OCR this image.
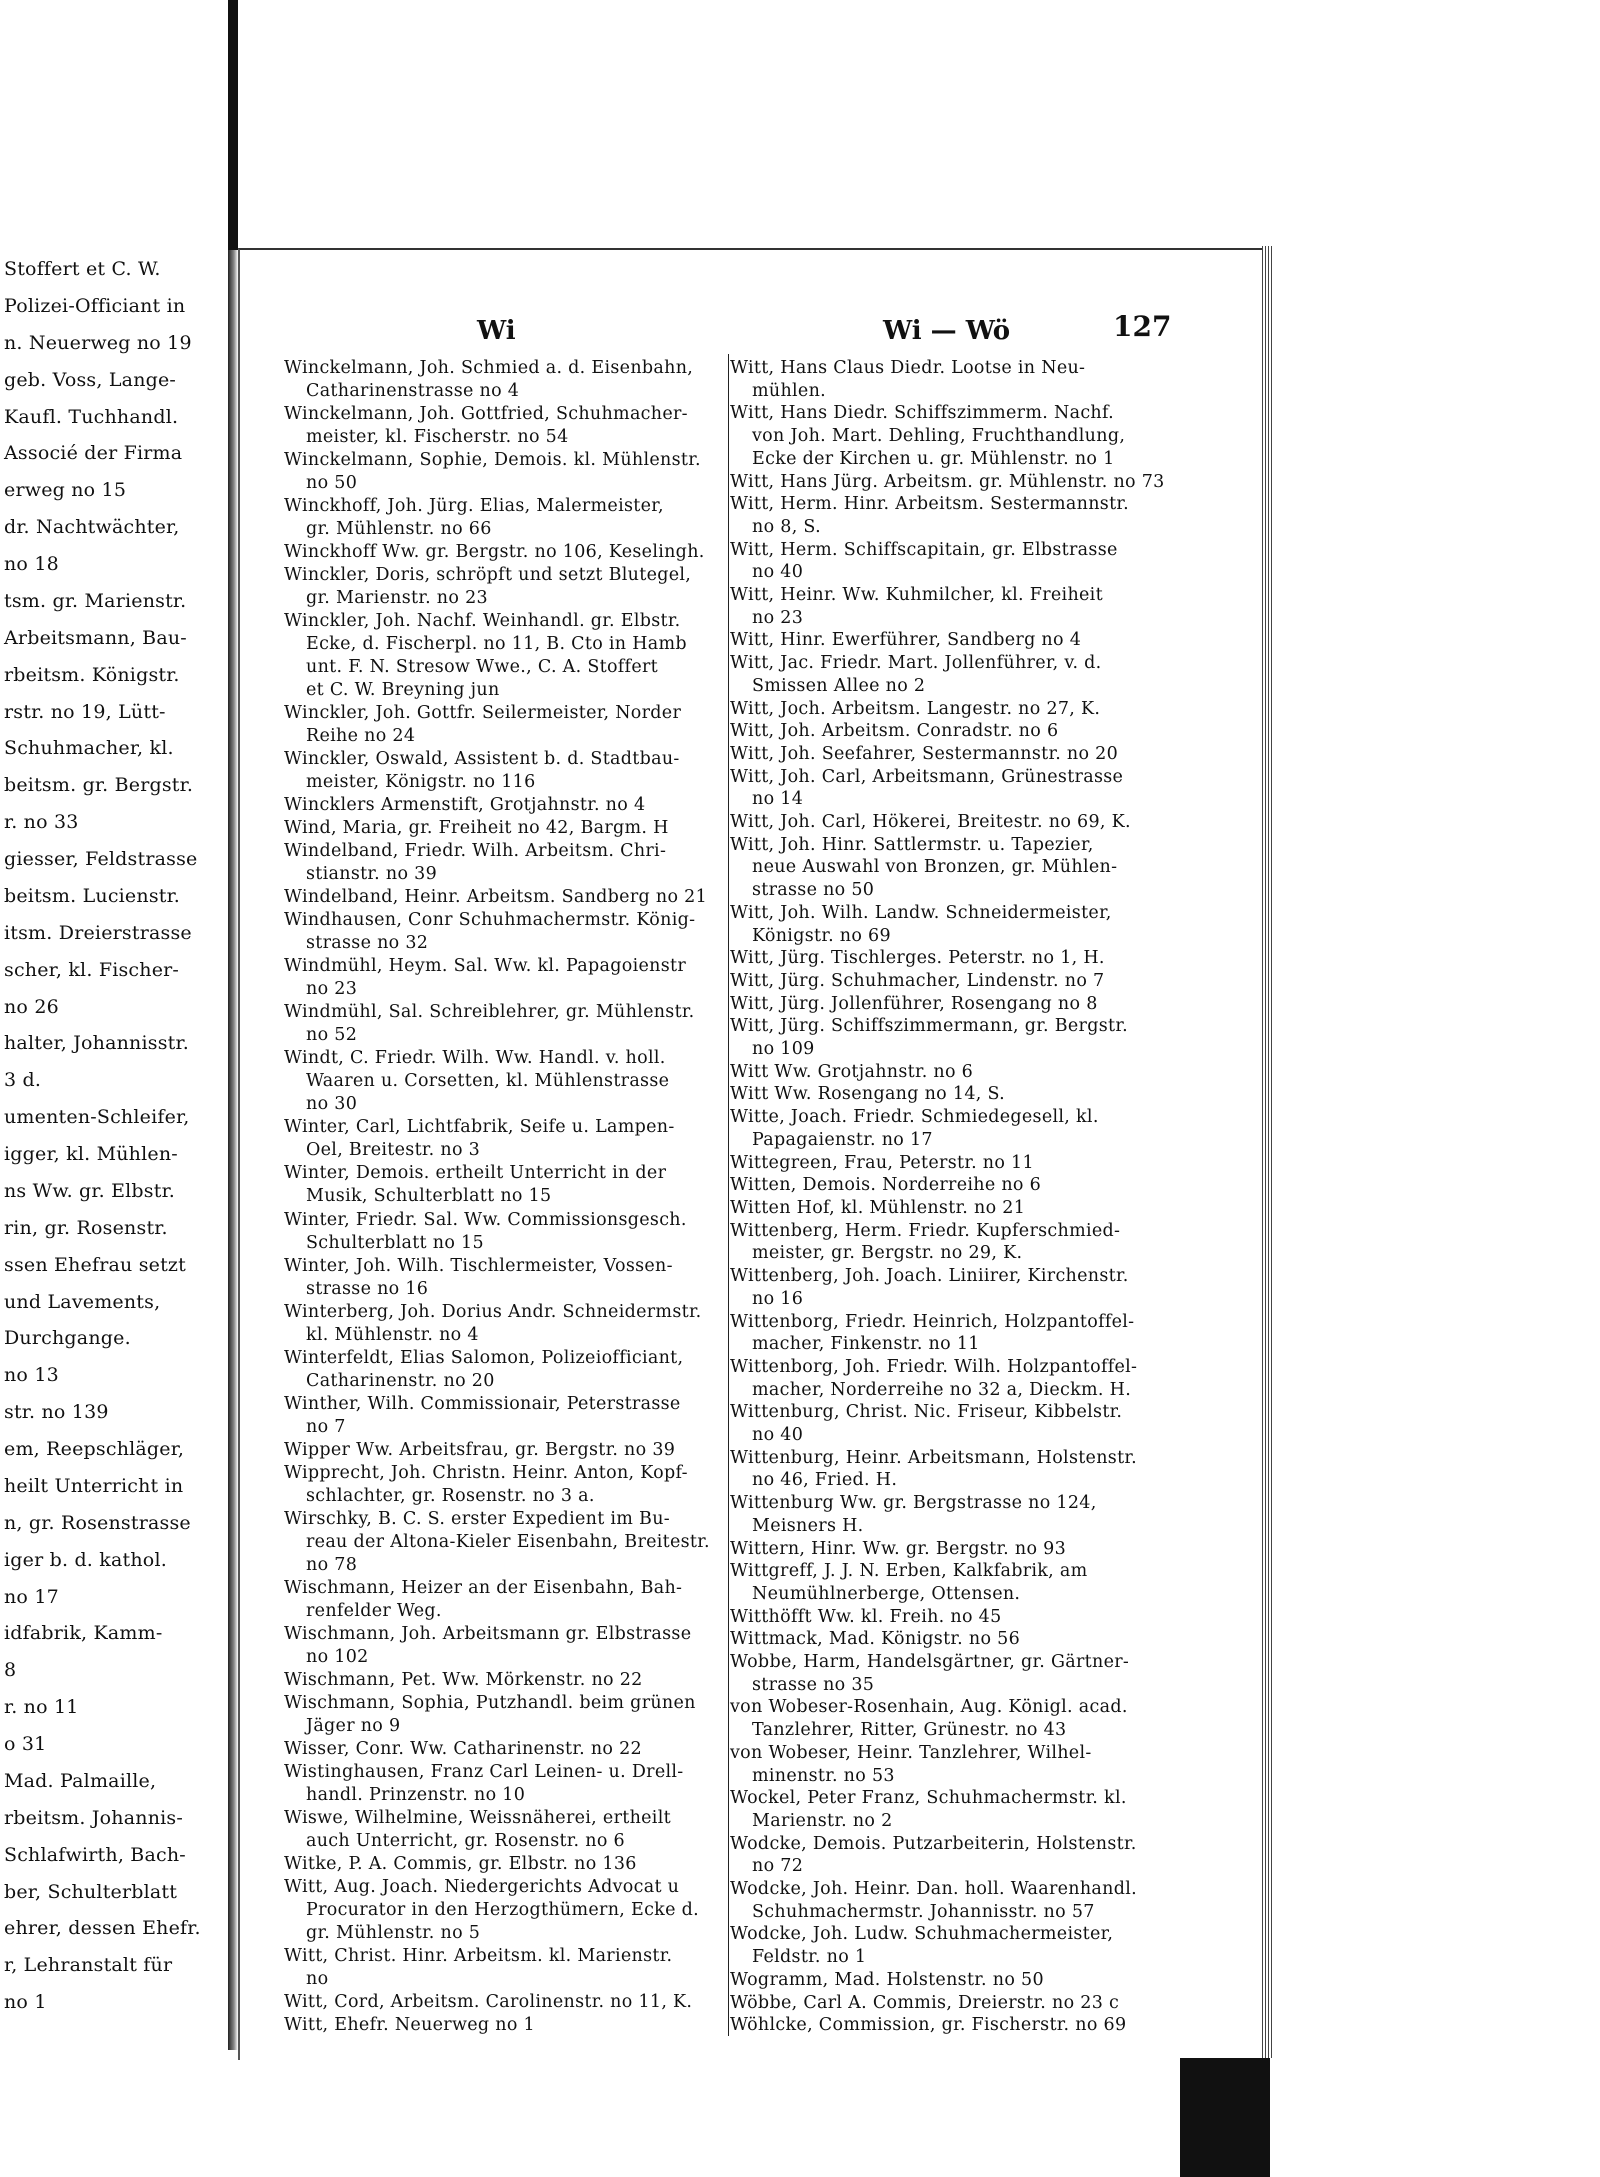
Stoffert et C. W.
Polizei-Officiant in
n. Neuerweg no 19
geb. Voss, Lange-
Kaufl. Tuchhandl.
Associé der Firma
erweg no 15
dr. Nachtwächter,
no 18
tsm. gr. Marienstr.
Arbeitsmann, Bau-
rbeitsm. Königstr.
rstr. no 19, Lütt-
Schuhmacher, kl.
beitsm. gr. Bergstr.
r. no 33
giesser, Feldstrasse
beitsm. Lucienstr.
itsm. Dreierstrasse
scher, kl. Fischer-
no 26
halter, Johannisstr.
3 d.
umenten-Schleifer,
igger, kl. Mühlen-
ns Ww. gr. Elbstr.
rin, gr. Rosenstr.
ssen Ehefrau setzt
und Lavements,
Durchgange.
no 13
str. no 139
em, Reepschläger,
heilt Unterricht in
n, gr. Rosenstrasse
iger b. d. kathol.
no 17
idfabrik, Kamm-
8
r. no 11
o 31
Mad. Palmaille,
rbeitsm. Johannis-
Schlafwirth, Bach-
ber, Schulterblatt
ehrer, dessen Ehefr.
r, Lehranstalt für
no 1
Wi	Wi — Wö	127
Winckelmann, Joh. Schmied a. d. Eisenbahn,
Catharinenstrasse no 4
Winckelmann, Joh. Gottfried, Schuhmacher-
meister, kl. Fischerstr. no 54
Winckelmann, Sophie, Demois. kl. Mühlenstr.
no 50
Winckhoff, Joh. Jürg. Elias, Malermeister,
gr. Mühlenstr. no 66
Winckhoff Ww. gr. Bergstr. no 106, Keselingh.
Winckler, Doris, schröpft und setzt Blutegel,
gr. Marienstr. no 23
Winckler, Joh. Nachf. Weinhandl. gr. Elbstr.
Ecke, d. Fischerpl. no 11, B. Cto in Hamb
unt. F. N. Stresow Wwe., C. A. Stoffert
et C. W. Breyning jun
Winckler, Joh. Gottfr. Seilermeister, Norder
Reihe no 24
Winckler, Oswald, Assistent b. d. Stadtbau-
meister, Königstr. no 116
Wincklers Armenstift, Grotjahnstr. no 4
Wind, Maria, gr. Freiheit no 42, Bargm. H
Windelband, Friedr. Wilh. Arbeitsm. Chri-
stianstr. no 39
Windelband, Heinr. Arbeitsm. Sandberg no 21
Windhausen, Conr Schuhmachermstr. König-
strasse no 32
Windmühl, Heym. Sal. Ww. kl. Papagoienstr
no 23
Windmühl, Sal. Schreiblehrer, gr. Mühlenstr.
no 52
Windt, C. Friedr. Wilh. Ww. Handl. v. holl.
Waaren u. Corsetten, kl. Mühlenstrasse
no 30
Winter, Carl, Lichtfabrik, Seife u. Lampen-
Oel, Breitestr. no 3
Winter, Demois. ertheilt Unterricht in der
Musik, Schulterblatt no 15
Winter, Friedr. Sal. Ww. Commissionsgesch.
Schulterblatt no 15
Winter, Joh. Wilh. Tischlermeister, Vossen-
strasse no 16
Winterberg, Joh. Dorius Andr. Schneidermstr.
kl. Mühlenstr. no 4
Winterfeldt, Elias Salomon, Polizeiofficiant,
Catharinenstr. no 20
Winther, Wilh. Commissionair, Peterstrasse
no 7
Wipper Ww. Arbeitsfrau, gr. Bergstr. no 39
Wipprecht, Joh. Christn. Heinr. Anton, Kopf-
schlachter, gr. Rosenstr. no 3 a.
Wirschky, B. C. S. erster Expedient im Bu-
reau der Altona-Kieler Eisenbahn, Breitestr.
no 78
Wischmann, Heizer an der Eisenbahn, Bah-
renfelder Weg.
Wischmann, Joh. Arbeitsmann gr. Elbstrasse
no 102
Wischmann, Pet. Ww. Mörkenstr. no 22
Wischmann, Sophia, Putzhandl. beim grünen
Jäger no 9
Wisser, Conr. Ww. Catharinenstr. no 22
Wistinghausen, Franz Carl Leinen- u. Drell-
handl. Prinzenstr. no 10
Wiswe, Wilhelmine, Weissnäherei, ertheilt
auch Unterricht, gr. Rosenstr. no 6
Witke, P. A. Commis, gr. Elbstr. no 136
Witt, Aug. Joach. Niedergerichts Advocat u
Procurator in den Herzogthümern, Ecke d.
gr. Mühlenstr. no 5
Witt, Christ. Hinr. Arbeitsm. kl. Marienstr.
no
Witt, Cord, Arbeitsm. Carolinenstr. no 11, K.
Witt, Ehefr. Neuerweg no 1
Witt, Hans Claus Diedr. Lootse in Neu-
mühlen.
Witt, Hans Diedr. Schiffszimmerm. Nachf.
von Joh. Mart. Dehling, Fruchthandlung,
Ecke der Kirchen u. gr. Mühlenstr. no 1
Witt, Hans Jürg. Arbeitsm. gr. Mühlenstr. no 73
Witt, Herm. Hinr. Arbeitsm. Sestermannstr.
no 8, S.
Witt, Herm. Schiffscapitain, gr. Elbstrasse
no 40
Witt, Heinr. Ww. Kuhmilcher, kl. Freiheit
no 23
Witt, Hinr. Ewerführer, Sandberg no 4
Witt, Jac. Friedr. Mart. Jollenführer, v. d.
Smissen Allee no 2
Witt, Joch. Arbeitsm. Langestr. no 27, K.
Witt, Joh. Arbeitsm. Conradstr. no 6
Witt, Joh. Seefahrer, Sestermannstr. no 20
Witt, Joh. Carl, Arbeitsmann, Grünestrasse
no 14
Witt, Joh. Carl, Hökerei, Breitestr. no 69, K.
Witt, Joh. Hinr. Sattlermstr. u. Tapezier,
neue Auswahl von Bronzen, gr. Mühlen-
strasse no 50
Witt, Joh. Wilh. Landw. Schneidermeister,
Königstr. no 69
Witt, Jürg. Tischlerges. Peterstr. no 1, H.
Witt, Jürg. Schuhmacher, Lindenstr. no 7
Witt, Jürg. Jollenführer, Rosengang no 8
Witt, Jürg. Schiffszimmermann, gr. Bergstr.
no 109
Witt Ww. Grotjahnstr. no 6
Witt Ww. Rosengang no 14, S.
Witte, Joach. Friedr. Schmiedegesell, kl.
Papagaienstr. no 17
Wittegreen, Frau, Peterstr. no 11
Witten, Demois. Norderreihe no 6
Witten Hof, kl. Mühlenstr. no 21
Wittenberg, Herm. Friedr. Kupferschmied-
meister, gr. Bergstr. no 29, K.
Wittenberg, Joh. Joach. Liniirer, Kirchenstr.
no 16
Wittenborg, Friedr. Heinrich, Holzpantoffel-
macher, Finkenstr. no 11
Wittenborg, Joh. Friedr. Wilh. Holzpantoffel-
macher, Norderreihe no 32 a, Dieckm. H.
Wittenburg, Christ. Nic. Friseur, Kibbelstr.
no 40
Wittenburg, Heinr. Arbeitsmann, Holstenstr.
no 46, Fried. H.
Wittenburg Ww. gr. Bergstrasse no 124,
Meisners H.
Wittern, Hinr. Ww. gr. Bergstr. no 93
Wittgreff, J. J. N. Erben, Kalkfabrik, am
Neumühlnerberge, Ottensen.
Witthöfft Ww. kl. Freih. no 45
Wittmack, Mad. Königstr. no 56
Wobbe, Harm, Handelsgärtner, gr. Gärtner-
strasse no 35
von Wobeser-Rosenhain, Aug. Königl. acad.
Tanzlehrer, Ritter, Grünestr. no 43
von Wobeser, Heinr. Tanzlehrer, Wilhel-
minenstr. no 53
Wockel, Peter Franz, Schuhmachermstr. kl.
Marienstr. no 2
Wodcke, Demois. Putzarbeiterin, Holstenstr.
no 72
Wodcke, Joh. Heinr. Dan. holl. Waarenhandl.
Schuhmachermstr. Johannisstr. no 57
Wodcke, Joh. Ludw. Schuhmachermeister,
Feldstr. no 1
Wogramm, Mad. Holstenstr. no 50
Wöbbe, Carl A. Commis, Dreierstr. no 23 c
Wöhlcke, Commission, gr. Fischerstr. no 69
